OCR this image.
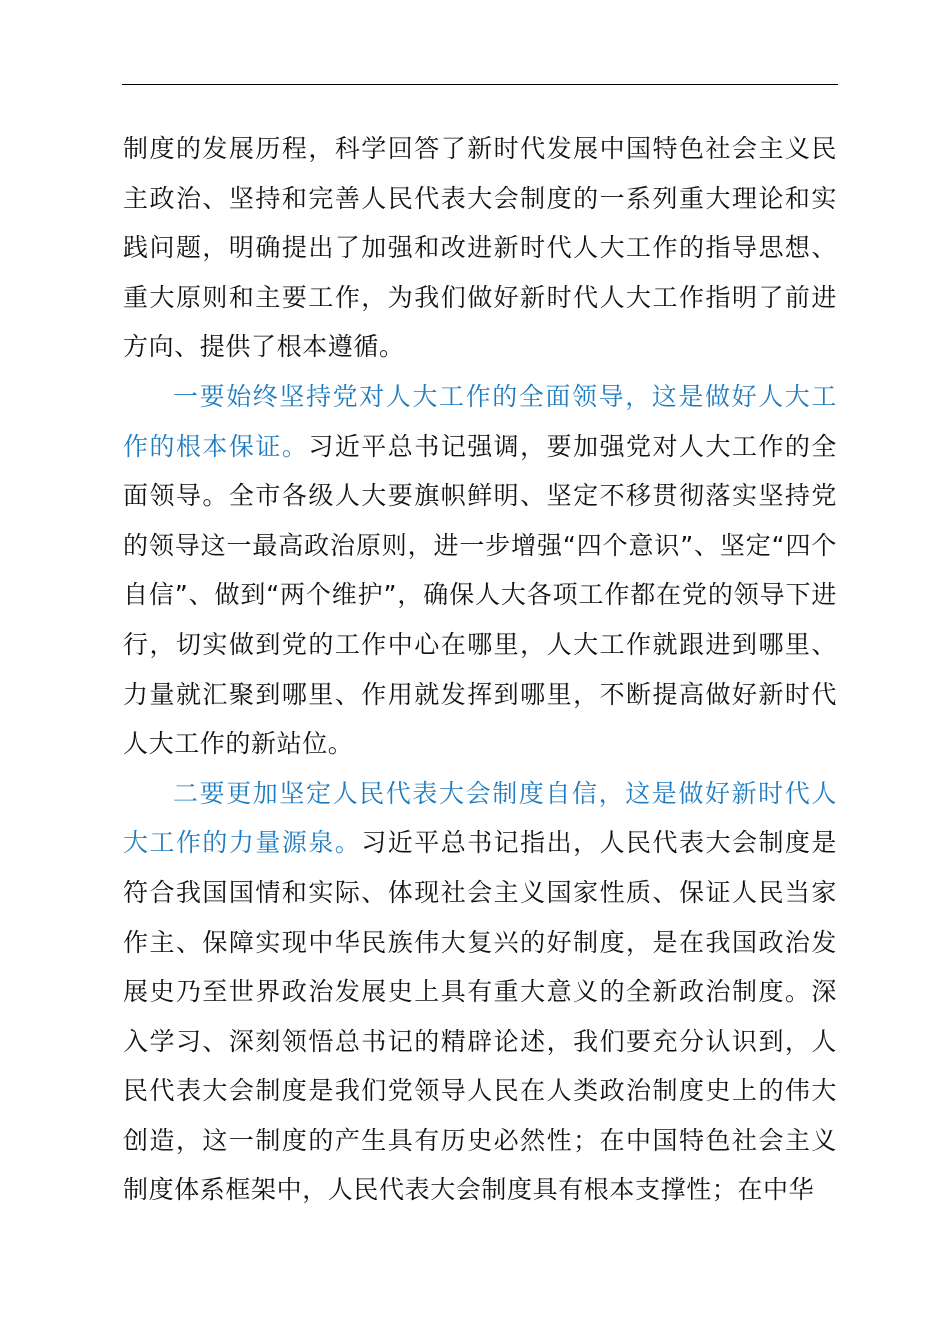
制度的发展历程，科学回答了新时代发展中国特色社会主义民主政治、坚持和完善人民代表大会制度的一系列重大理论和实践问题，明确提出了加强和改进新时代人大工作的指导思想、重大原则和主要工作，为我们做好新时代人大工作指明了前进方向、提供了根本遵循。

一要始终坚持党对人大工作的全面领导，这是做好人大工作的根本保证。习近平总书记强调，要加强党对人大工作的全面领导。全市各级人大要旗帜鲜明、坚定不移贯彻落实坚持党的领导这一最高政治原则，进一步增强“四个意识”、坚定“四个自信”、做到“两个维护”，确保人大各项工作都在党的领导下进行，切实做到党的工作中心在哪里，人大工作就跟进到哪里、力量就汇聚到哪里、作用就发挥到哪里，不断提高做好新时代人大工作的新站位。

二要更加坚定人民代表大会制度自信，这是做好新时代人大工作的力量源泉。习近平总书记指出，人民代表大会制度是符合我国国情和实际、体现社会主义国家性质、保证人民当家作主、保障实现中华民族伟大复兴的好制度，是在我国政治发展史乃至世界政治发展史上具有重大意义的全新政治制度。深入学习、深刻领悟总书记的精辟论述，我们要充分认识到，人民代表大会制度是我们党领导人民在人类政治制度史上的伟大创造，这一制度的产生具有历史必然性；在中国特色社会主义制度体系框架中，人民代表大会制度具有根本支撑性；在中华
